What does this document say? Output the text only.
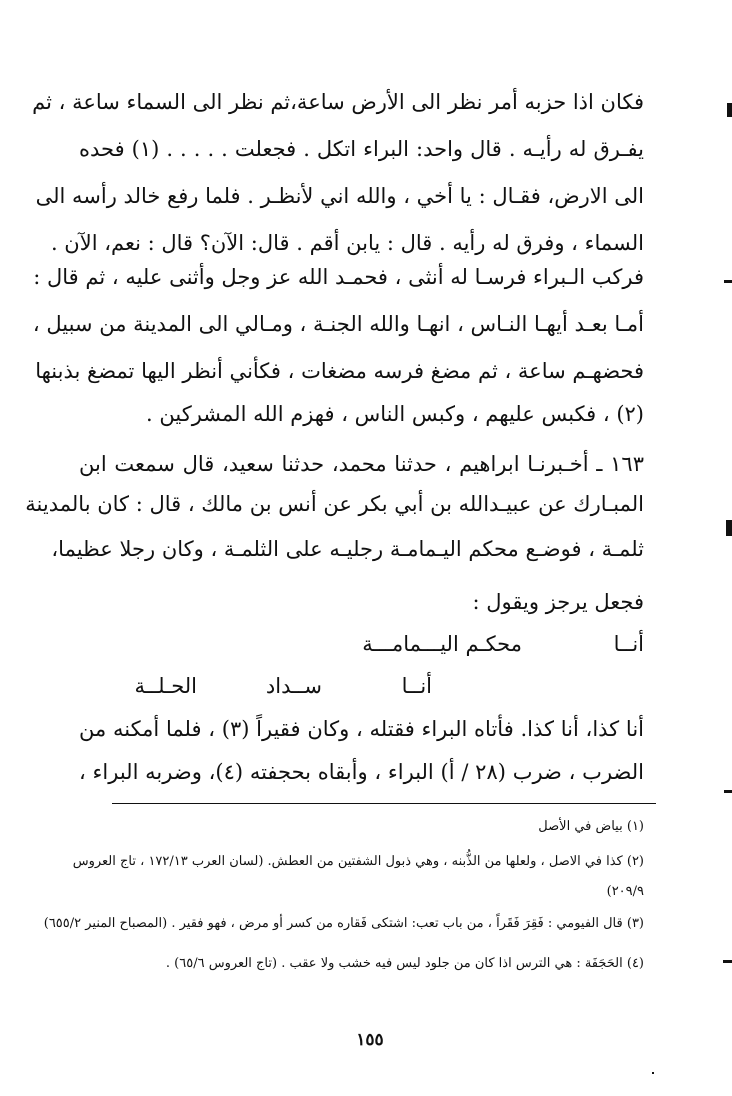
فكان اذا حزبه أمر نظر الى الأرض ساعة،ثم نظر الى السماء ساعة ، ثم
يفـرق له رأيـه . قال واحد: البراء اتكل . فجعلت . . . . . (١) فحده
الى الارض، فقـال : يا أخي ، والله اني لأنظـر . فلما رفع خالد رأسه الى
السماء ، وفرق له رأيه . قال : يابن أقم . قال: الآن؟ قال : نعم، الآن .
فركب الـبراء فرسـا له أنثى ، فحمـد الله عز وجل وأثنى عليه ، ثم قال :
أمـا بعـد أيهـا النـاس ، انهـا والله الجنـة ، ومـالي الى المدينة من سبيل ،
فحضهـم ساعة ، ثم مضغ فرسه مضغات ، فكأني أنظر اليها تمضغ بذبنها
(٢) ، فكبس عليهم ، وكبس الناس ، فهزم الله المشركين .
١٦٣ ـ أخـبرنـا ابراهيم ، حدثنا محمد، حدثنا سعيد، قال سمعت ابن
المبـارك عن عبيـدالله بن أبي بكر عن أنس بن مالك ، قال : كان بالمدينة
ثلمـة ، فوضـع محكم اليـمامـة رجليـه على الثلمـة ، وكان رجلا عظيما،
فجعل يرجز ويقول :
أنــا
محكـم اليـــمامـــة
أنــا
ســداد
الحـلــة
أنا كذا، أنا كذا. فأتاه البراء فقتله ، وكان فقيراً (٣) ، فلما أمكنه من
الضرب ، ضرب (٢٨ / أ) البراء ، وأبقاه بحجفته (٤)، وضربه البراء ،
(١) بياض في الأصل
(٢) كذا في الاصل ، ولعلها من الذُّبنه ، وهي ذبول الشفتين من العطش. (لسان العرب ١٧٢/١٣ ، تاج العروس
٢٠٩/٩)
(٣) قال الفيومي : فَقِرَ فَقَراً ، من باب تعب: اشتكى فَقاره من كسر أو مرض ، فهو فقير . (المصباح المنير ٦٥٥/٢)
(٤) الحَجَفَة : هي الترس اذا كان من جلود ليس فيه خشب ولا عقب . (تاج العروس ٦٥/٦) .
١٥٥
